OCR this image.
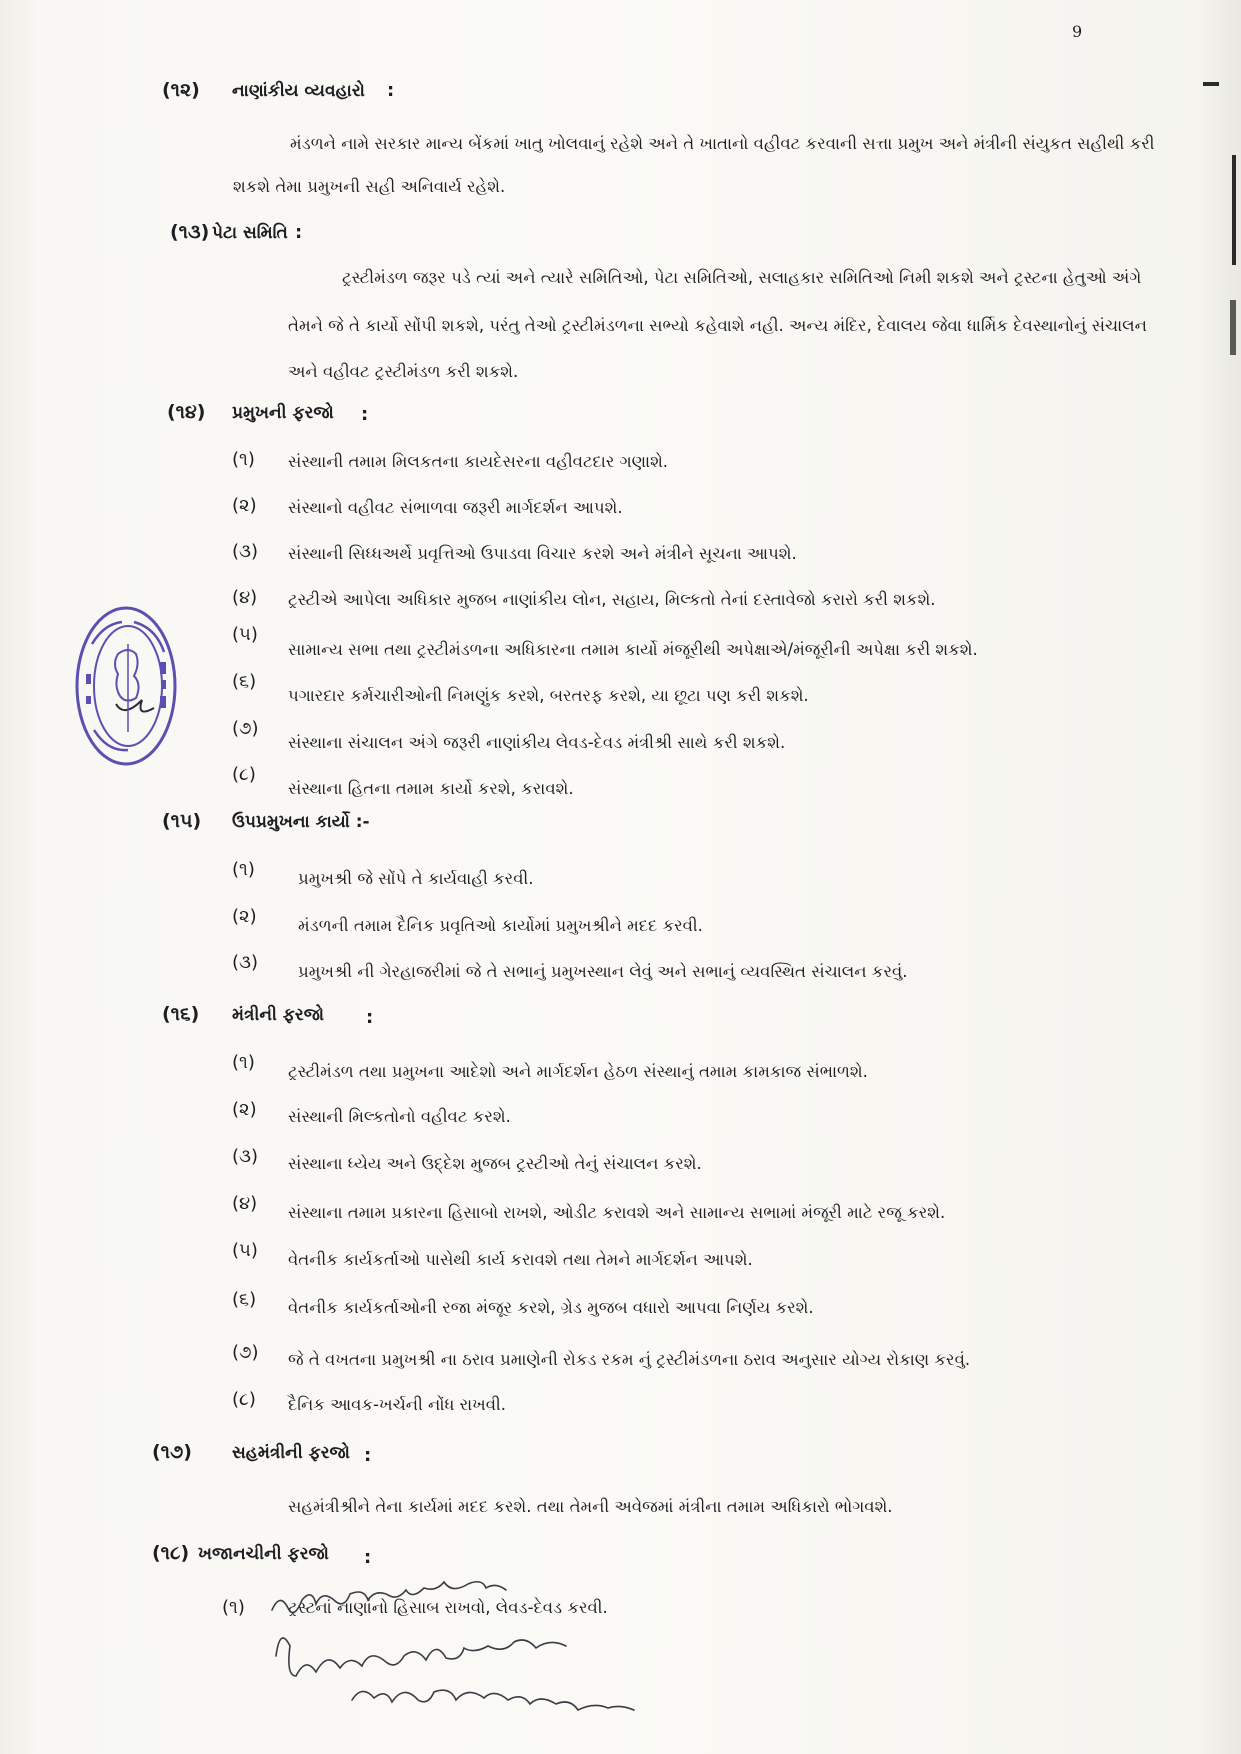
9
(૧૨) નાણાંકીય વ્યવહારો :
મંડળને નામે સરકાર માન્ય બેંકમાં ખાતુ ખોલવાનું રહેશે અને તે ખાતાનો વહીવટ કરવાની સત્તા પ્રમુખ અને મંત્રીની સંયુકત સહીથી કરી
શકશે તેમા પ્રમુખની સહી અનિવાર્ય રહેશે.
(૧૩) પેટા સમિતિ :
ટ્રસ્ટીમંડળ જરૂર પડે ત્યાં અને ત્યારે સમિતિઓ, પેટા સમિતિઓ, સલાહકાર સમિતિઓ નિમી શકશે અને ટ્રસ્ટના હેતુઓ અંગે
તેમને જે તે કાર્યો સોંપી શકશે, પરંતુ તેઓ ટ્રસ્ટીમંડળના સભ્યો કહેવાશે નહી. અન્ય મંદિર, દેવાલય જેવા ધાર્મિક દેવસ્થાનોનું સંચાલન
અને વહીવટ ટ્રસ્ટીમંડળ કરી શકશે.
(૧૪) પ્રમુખની ફરજો :
(૧) સંસ્થાની તમામ મિલકતના કાયદેસરના વહીવટદાર ગણાશે.
(૨) સંસ્થાનો વહીવટ સંભાળવા જરૂરી માર્ગદર્શન આપશે.
(૩) સંસ્થાની સિધ્ધઅર્થે પ્રવૃત્તિઓ ઉપાડવા વિચાર કરશે અને મંત્રીને સૂચના આપશે.
(૪) ટ્રસ્ટીએ આપેલા અધિકાર મુજબ નાણાંકીય લોન, સહાય, મિલ્કતો તેનાં દસ્તાવેજો કરારો કરી શકશે.
(૫)
સામાન્ય સભા તથા ટ્રસ્ટીમંડળના અધિકારના તમામ કાર્યો મંજૂરીથી અપેક્ષાએ/મંજૂરીની અપેક્ષા કરી શકશે.
(૬)
પગારદાર કર્મચારીઓની નિમણુંક કરશે, બરતરફ કરશે, યા છૂટા પણ કરી શકશે.
(૭)
સંસ્થાના સંચાલન અંગે જરૂરી નાણાંકીય લેવડ-દેવડ મંત્રીશ્રી સાથે કરી શકશે.
(૮)
સંસ્થાના હિતના તમામ કાર્યો કરશે, કરાવશે.
(૧૫) ઉપપ્રમુખના કાર્યો :-
(૧)	પ્રમુખશ્રી જે સોંપે તે કાર્યવાહી કરવી.
(૨)	મંડળની તમામ દૈનિક પ્રવૃતિઓ કાર્યોમાં પ્રમુખશ્રીને મદદ કરવી.
(૩) પ્રમુખશ્રી ની ગેરહાજરીમાં જે તે સભાનું પ્રમુખસ્થાન લેવું અને સભાનું વ્યવસ્થિત સંચાલન કરવું.
(૧૬) મંત્રીની ફરજો :
(૧) ટ્રસ્ટીમંડળ તથા પ્રમુખના આદેશો અને માર્ગદર્શન હેઠળ સંસ્થાનું તમામ કામકાજ સંભાળશે.
(૨) સંસ્થાની મિલ્કતોનો વહીવટ કરશે.
(૩) સંસ્થાના ધ્યેય અને ઉદ્દેશ મુજબ ટ્રસ્ટીઓ તેનું સંચાલન કરશે.
(૪) સંસ્થાના તમામ પ્રકારના હિસાબો રાખશે, ઓડીટ કરાવશે અને સામાન્ય સભામાં મંજૂરી માટે રજૂ કરશે.
(૫) વેતનીક કાર્યકર્તાઓ પાસેથી કાર્ય કરાવશે તથા તેમને માર્ગદર્શન આપશે.
(૬) વેતનીક કાર્યકર્તાઓની રજા મંજૂર કરશે, ગ્રેડ મુજબ વધારો આપવા નિર્ણય કરશે.
(૭) જે તે વખતના પ્રમુખશ્રી ના ઠરાવ પ્રમાણેની રોકડ રકમ નું ટ્રસ્ટીમંડળના ઠરાવ અનુસાર યોગ્ય રોકાણ કરવું.
(૮) દૈનિક આવક-ખર્ચની નોંધ રાખવી.
(૧૭) સહમંત્રીની ફરજો :
સહમંત્રીશ્રીને તેના કાર્યમાં મદદ કરશે. તથા તેમની અવેજમાં મંત્રીના તમામ અધિકારો ભોગવશે.
(૧૮) ખજાનચીની ફરજો :
(૧)	ટ્રસ્ટનાં નાણાંનો હિસાબ રાખવો, લેવડ-દેવડ કરવી.
